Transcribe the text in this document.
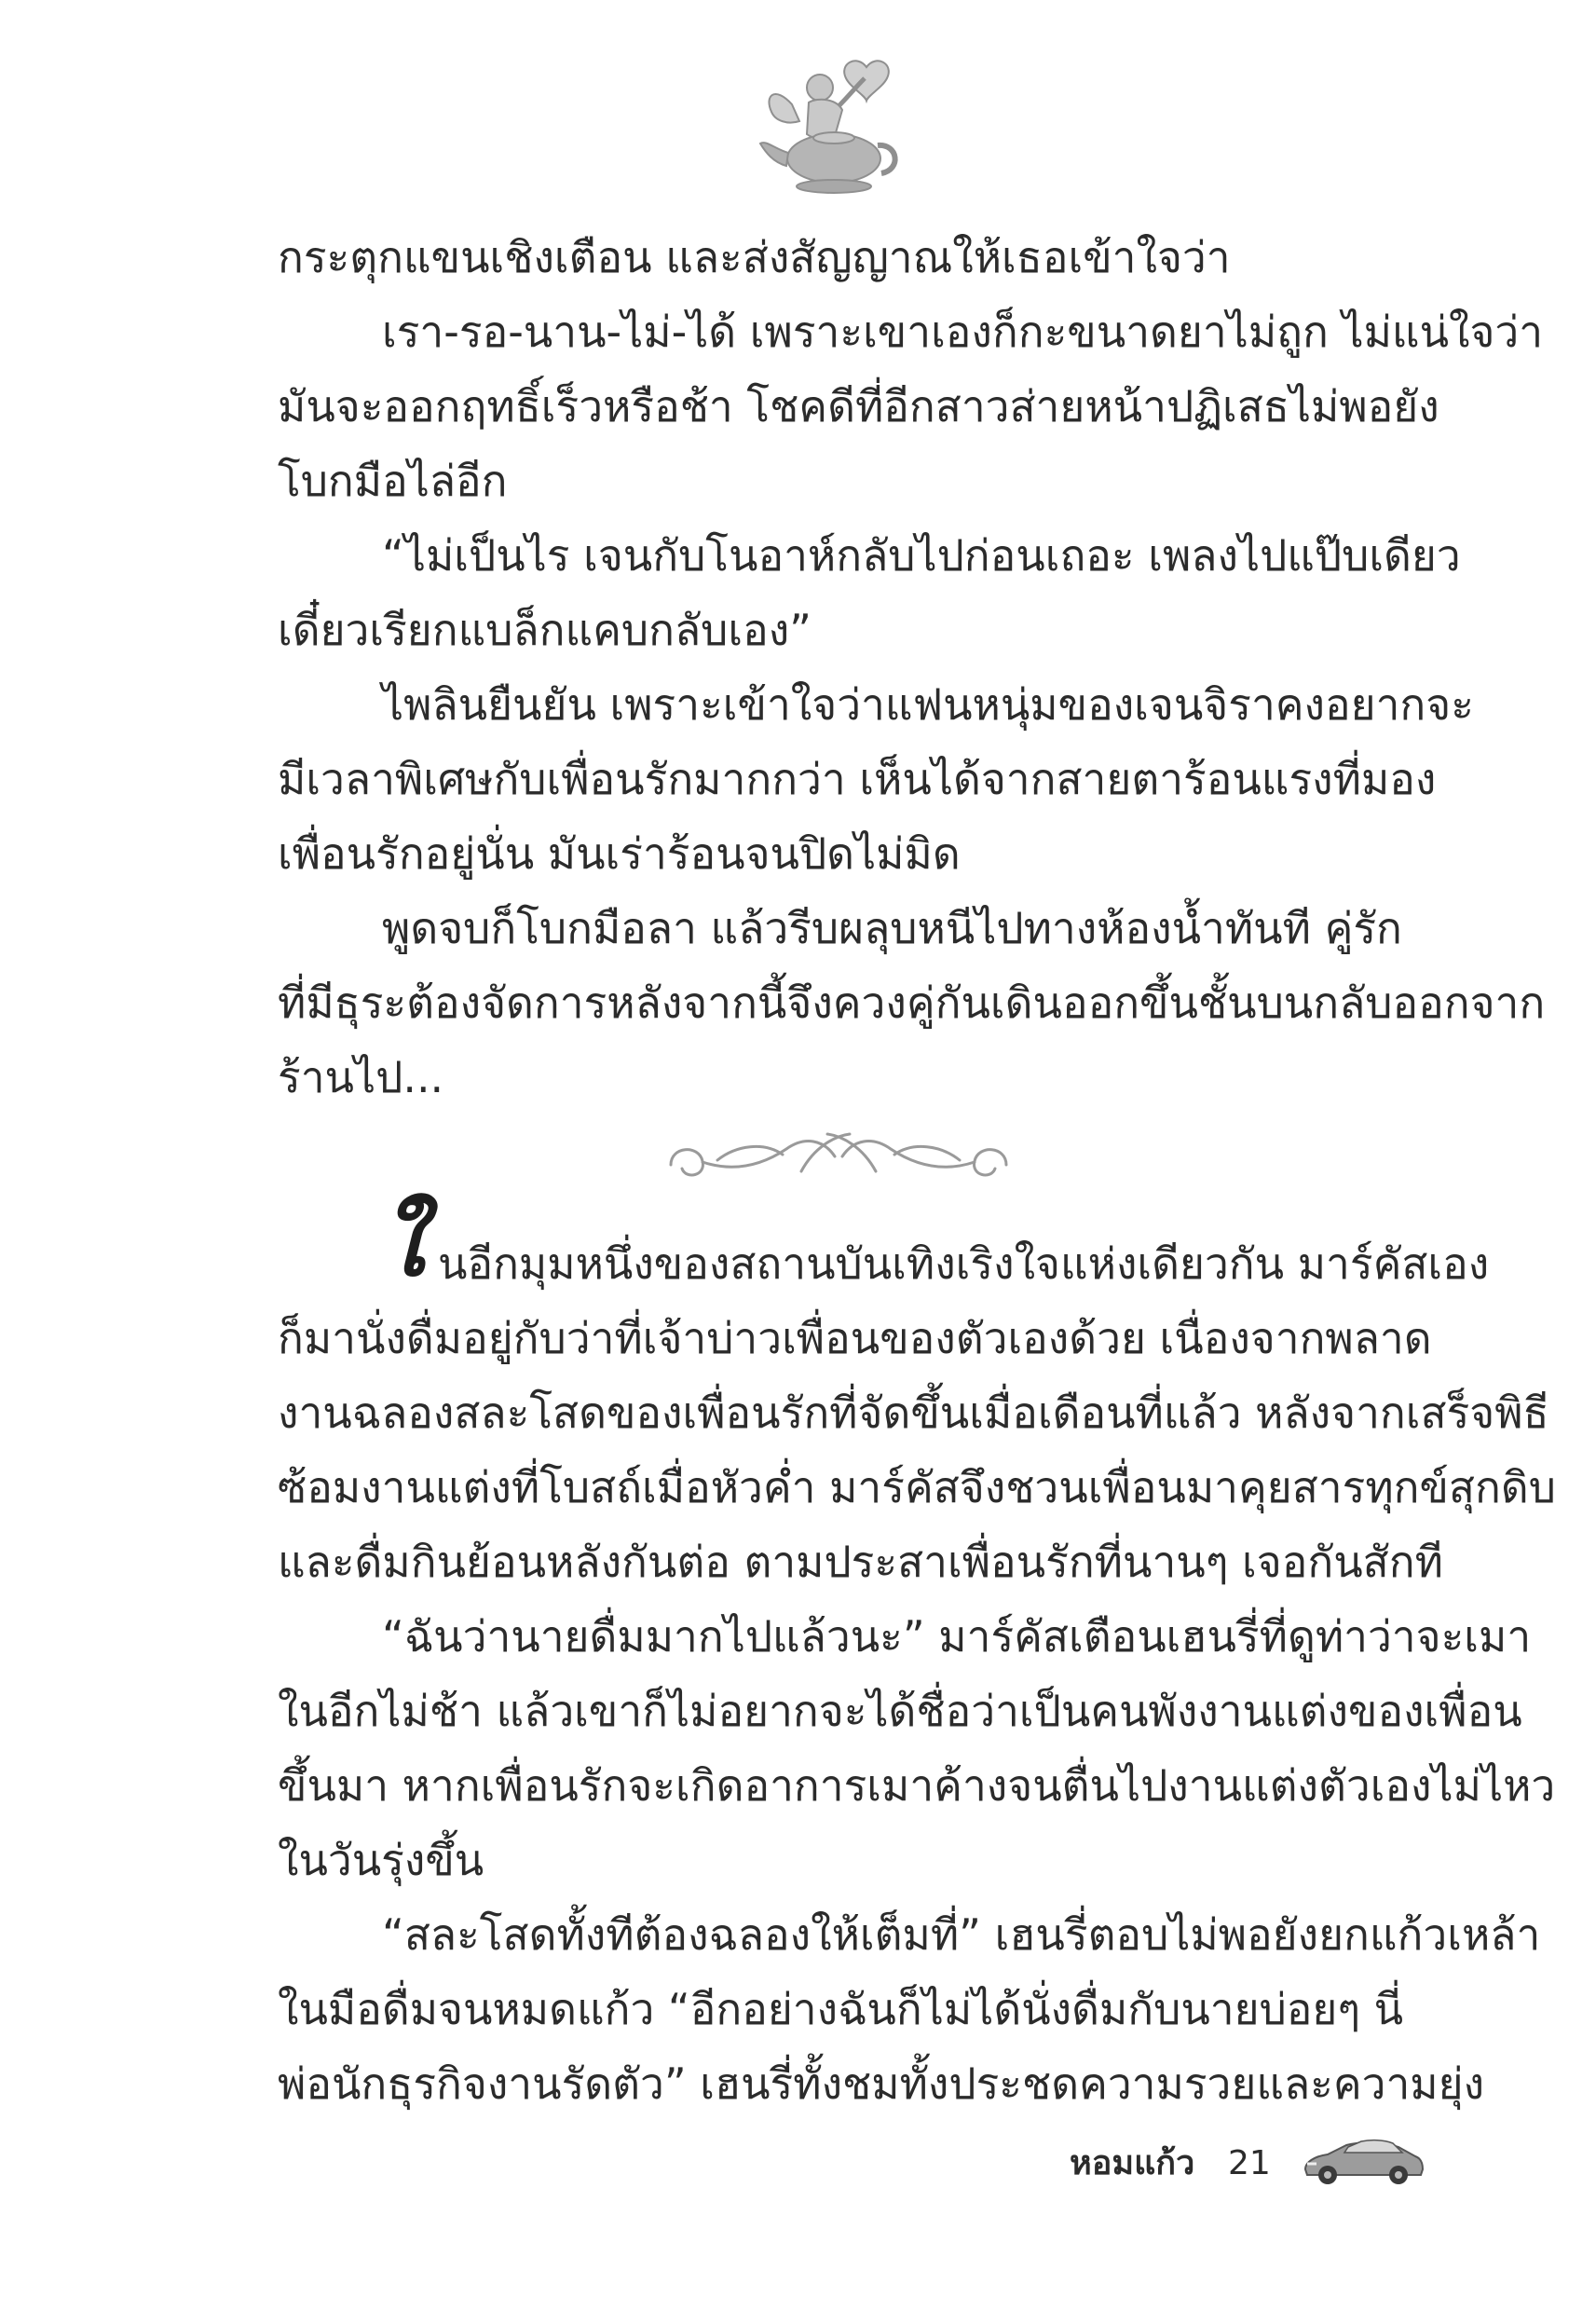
กระตุกแขนเชิงเตือน และส่งสัญญาณให้เธอเข้าใจว่า
เรา-รอ-นาน-ไม่-ได้ เพราะเขาเองก็กะขนาดยาไม่ถูก ไม่แน่ใจว่า
มันจะออกฤทธิ์เร็วหรือช้า โชคดีที่อีกสาวส่ายหน้าปฏิเสธไม่พอยัง
โบกมือไล่อีก
“ไม่เป็นไร เจนกับโนอาห์กลับไปก่อนเถอะ เพลงไปแป๊บเดียว
เดี๋ยวเรียกแบล็กแคบกลับเอง”
ไพลินยืนยัน เพราะเข้าใจว่าแฟนหนุ่มของเจนจิราคงอยากจะ
มีเวลาพิเศษกับเพื่อนรักมากกว่า เห็นได้จากสายตาร้อนแรงที่มอง
เพื่อนรักอยู่นั่น มันเร่าร้อนจนปิดไม่มิด
พูดจบก็โบกมือลา แล้วรีบผลุบหนีไปทางห้องน้ำทันที คู่รัก
ที่มีธุระต้องจัดการหลังจากนี้จึงควงคู่กันเดินออกขึ้นชั้นบนกลับออกจาก
ร้านไป...
ใ นอีกมุมหนึ่งของสถานบันเทิงเริงใจแห่งเดียวกัน มาร์คัสเอง
ก็มานั่งดื่มอยู่กับว่าที่เจ้าบ่าวเพื่อนของตัวเองด้วย เนื่องจากพลาด
งานฉลองสละโสดของเพื่อนรักที่จัดขึ้นเมื่อเดือนที่แล้ว หลังจากเสร็จพิธี
ซ้อมงานแต่งที่โบสถ์เมื่อหัวค่ำ มาร์คัสจึงชวนเพื่อนมาคุยสารทุกข์สุกดิบ
และดื่มกินย้อนหลังกันต่อ ตามประสาเพื่อนรักที่นานๆ เจอกันสักที
“ฉันว่านายดื่มมากไปแล้วนะ” มาร์คัสเตือนเฮนรี่ที่ดูท่าว่าจะเมา
ในอีกไม่ช้า แล้วเขาก็ไม่อยากจะได้ชื่อว่าเป็นคนพังงานแต่งของเพื่อน
ขึ้นมา หากเพื่อนรักจะเกิดอาการเมาค้างจนตื่นไปงานแต่งตัวเองไม่ไหว
ในวันรุ่งขึ้น
“สละโสดทั้งทีต้องฉลองให้เต็มที่” เฮนรี่ตอบไม่พอยังยกแก้วเหล้า
ในมือดื่มจนหมดแก้ว “อีกอย่างฉันก็ไม่ได้นั่งดื่มกับนายบ่อยๆ นี่
พ่อนักธุรกิจงานรัดตัว” เฮนรี่ทั้งชมทั้งประชดความรวยและความยุ่ง
หอมแก้ว 21
